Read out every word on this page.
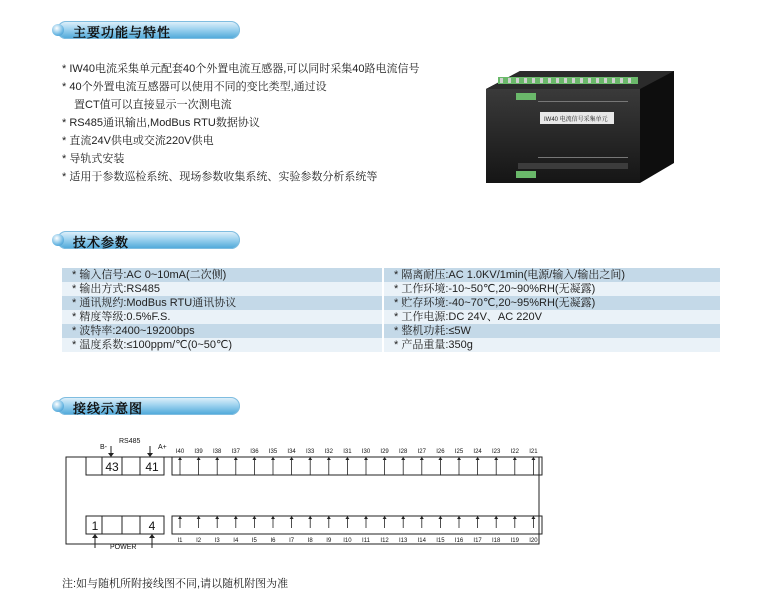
主要功能与特性
* IW40电流采集单元配套40个外置电流互感器,可以同时采集40路电流信号
* 40个外置电流互感器可以使用不同的变比类型,通过设
置CT值可以直接显示一次测电流
* RS485通讯输出,ModBus RTU数据协议
* 直流24V供电或交流220V供电
* 导轨式安装
* 适用于参数巡检系统、现场参数收集系统、实验参数分析系统等
IW40 电流信号采集单元
技术参数
* 输入信号:AC 0~10mA(二次侧)	* 隔离耐压:AC 1.0KV/1min(电源/输入/输出之间)
* 输出方式:RS485	* 工作环境:-10~50℃,20~90%RH(无凝露)
* 通讯规约:ModBus RTU通讯协议	* 贮存环境:-40~70℃,20~95%RH(无凝露)
* 精度等级:0.5%F.S.	* 工作电源:DC 24V、AC 220V
* 波特率:2400~19200bps	* 整机功耗:≤5W
* 温度系数:≤100ppm/℃(0~50℃)	* 产品重量:350g
接线示意图
43 41
RS485
B-	A+
1	4
POWER
I40 I39 I38 I37 I36 I35 I34 I33 I32 I31 I30 I29 I28 I27 I26 I25 I24 I23 I22 I21
I1 I2 I3 I4 I5 I6 I7 I8 I9 I10 I11 I12 I13 I14 I15 I16 I17 I18 I19 I20
注:如与随机所附接线图不同,请以随机附图为准
